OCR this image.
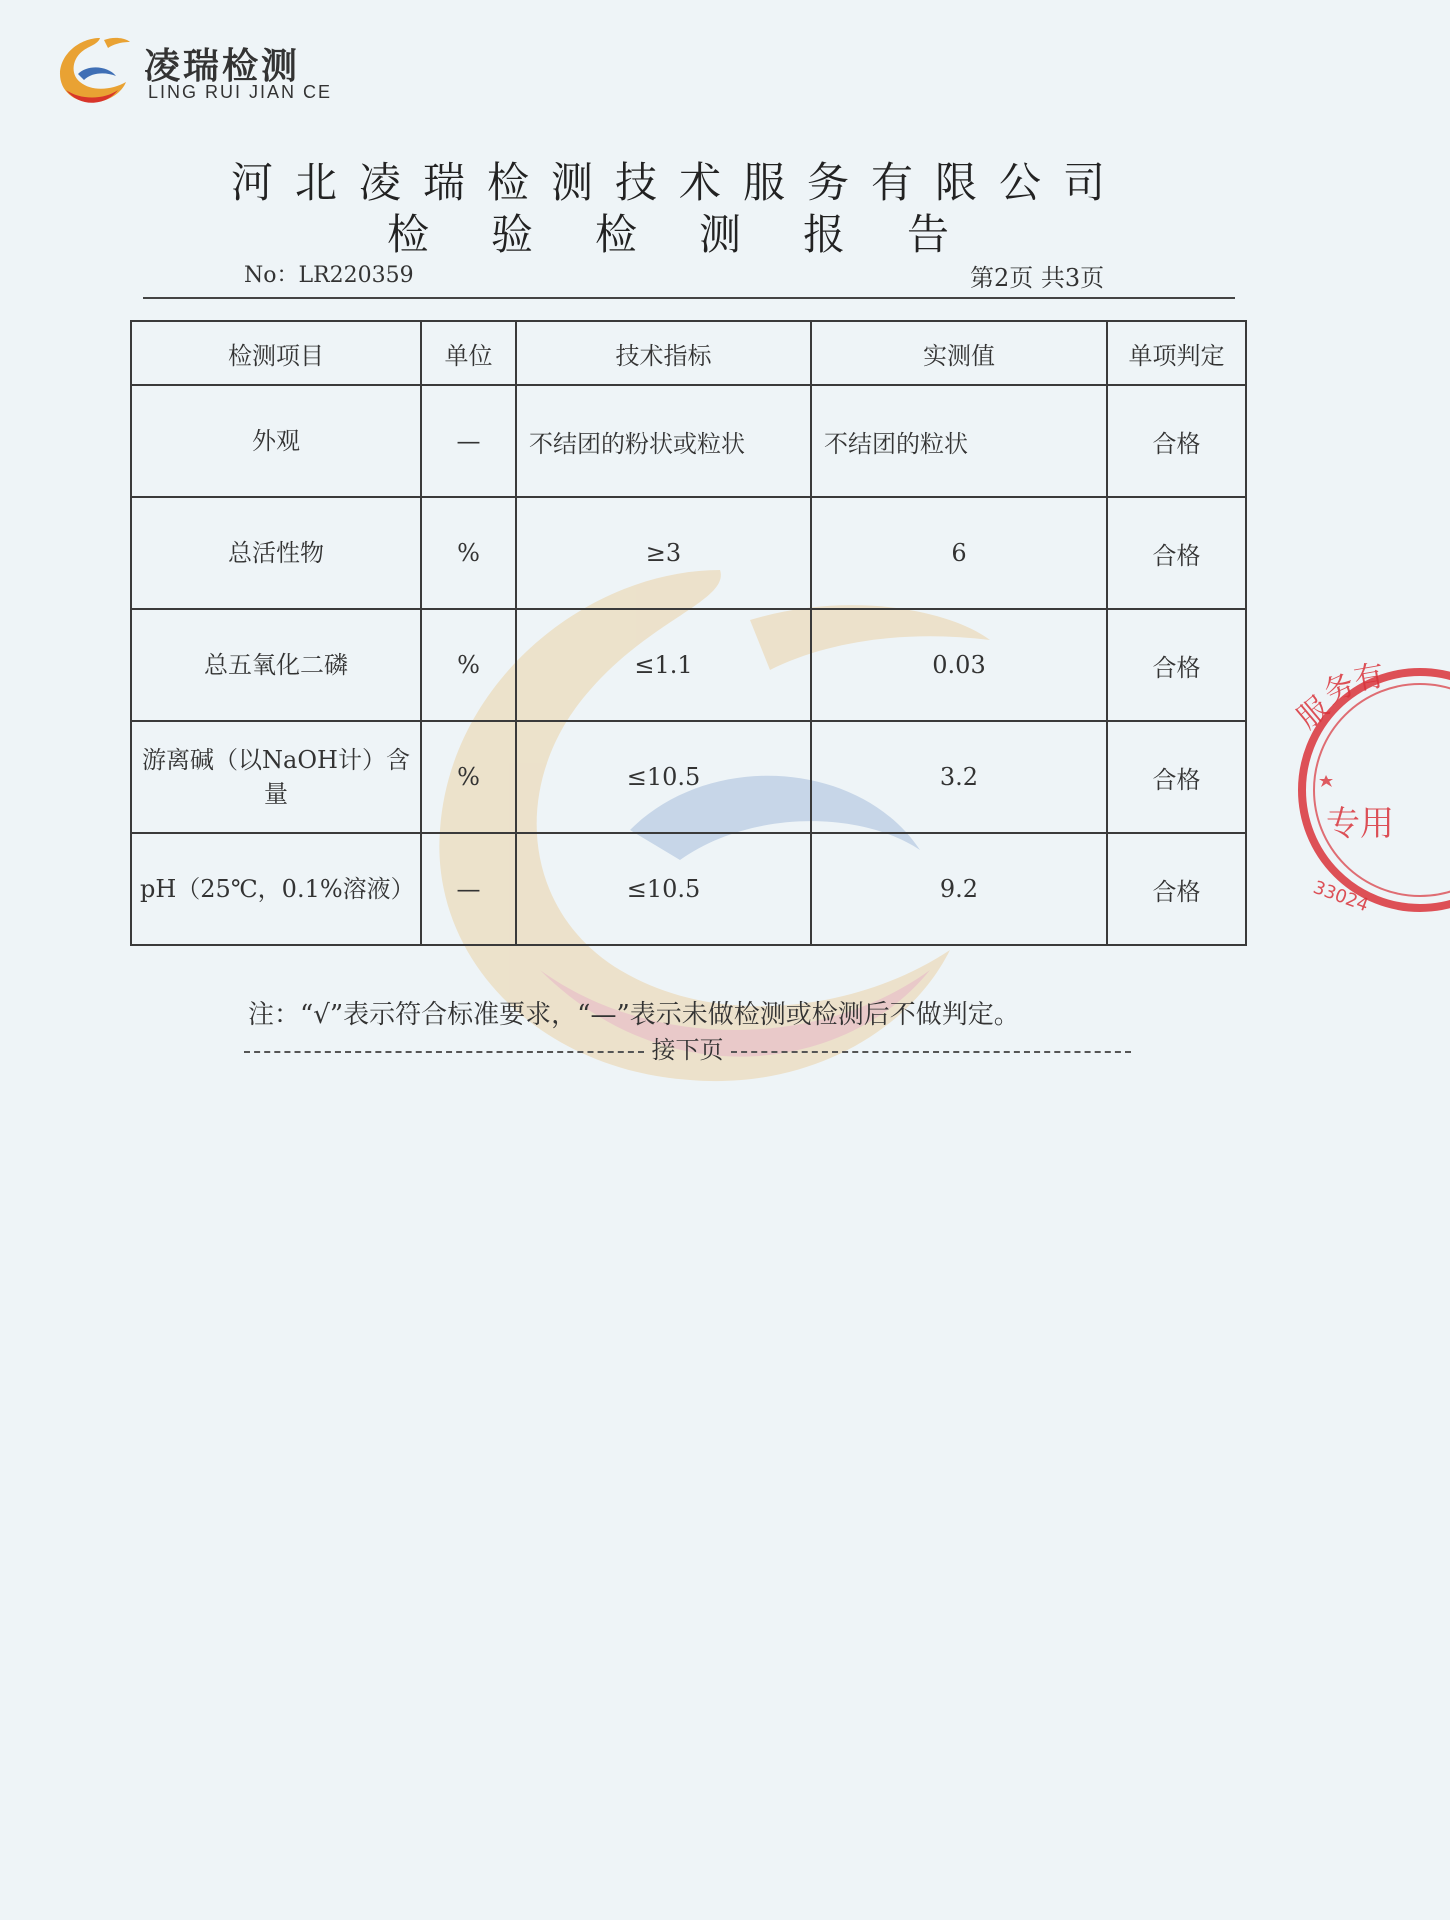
凌瑞检测
LING RUI JIAN CE
河北凌瑞检测技术服务有限公司
检验检测报告
No：LR220359	第2页 共3页
检测项目	单位	技术指标	实测值	单项判定
外观	—	不结团的粉状或粒状	不结团的粒状	合格
总活性物	%	≥3	6	合格
总五氧化二磷	%	≤1.1	0.03	合格
游离碱（以NaOH计）含量	%	≤10.5	3.2	合格
pH（25℃，0.1%溶液）	—	≤10.5	9.2	合格
注：“√”表示符合标准要求，“—”表示未做检测或检测后不做判定。
接下页
服
务
有
专用
33024
